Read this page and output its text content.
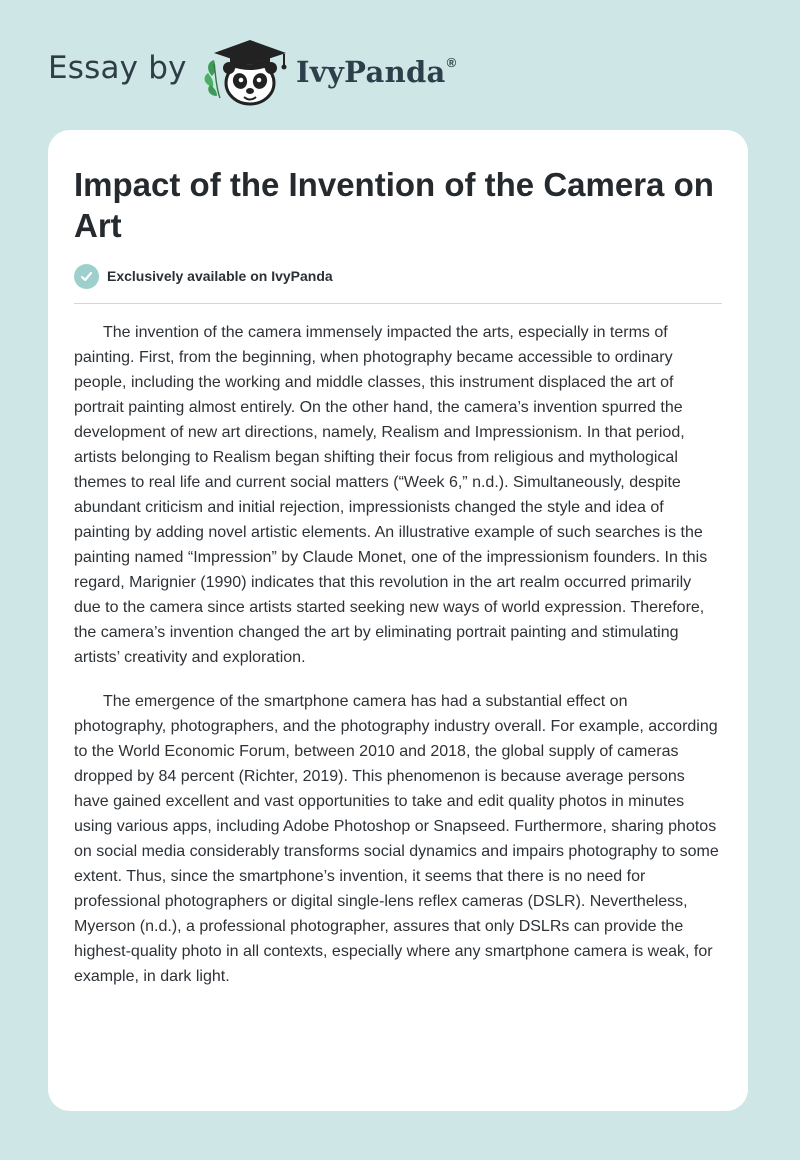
Essay by	IvyPanda®
Impact of the Invention of the Camera on Art
Exclusively available on IvyPanda

The invention of the camera immensely impacted the arts, especially in terms of painting. First, from the beginning, when photography became accessible to ordinary people, including the working and middle classes, this instrument displaced the art of portrait painting almost entirely. On the other hand, the camera’s invention spurred the development of new art directions, namely, Realism and Impressionism. In that period, artists belonging to Realism began shifting their focus from religious and mythological themes to real life and current social matters (“Week 6,” n.d.). Simultaneously, despite abundant criticism and initial rejection, impressionists changed the style and idea of painting by adding novel artistic elements. An illustrative example of such searches is the painting named “Impression” by Claude Monet, one of the impressionism founders. In this regard, Marignier (1990) indicates that this revolution in the art realm occurred primarily due to the camera since artists started seeking new ways of world expression. Therefore, the camera’s invention changed the art by eliminating portrait painting and stimulating artists’ creativity and exploration.

The emergence of the smartphone camera has had a substantial effect on photography, photographers, and the photography industry overall. For example, according to the World Economic Forum, between 2010 and 2018, the global supply of cameras dropped by 84 percent (Richter, 2019). This phenomenon is because average persons have gained excellent and vast opportunities to take and edit quality photos in minutes using various apps, including Adobe Photoshop or Snapseed. Furthermore, sharing photos on social media considerably transforms social dynamics and impairs photography to some extent. Thus, since the smartphone’s invention, it seems that there is no need for professional photographers or digital single-lens reflex cameras (DSLR). Nevertheless, Myerson (n.d.), a professional photographer, assures that only DSLRs can provide the highest-quality photo in all contexts, especially where any smartphone camera is weak, for example, in dark light.
